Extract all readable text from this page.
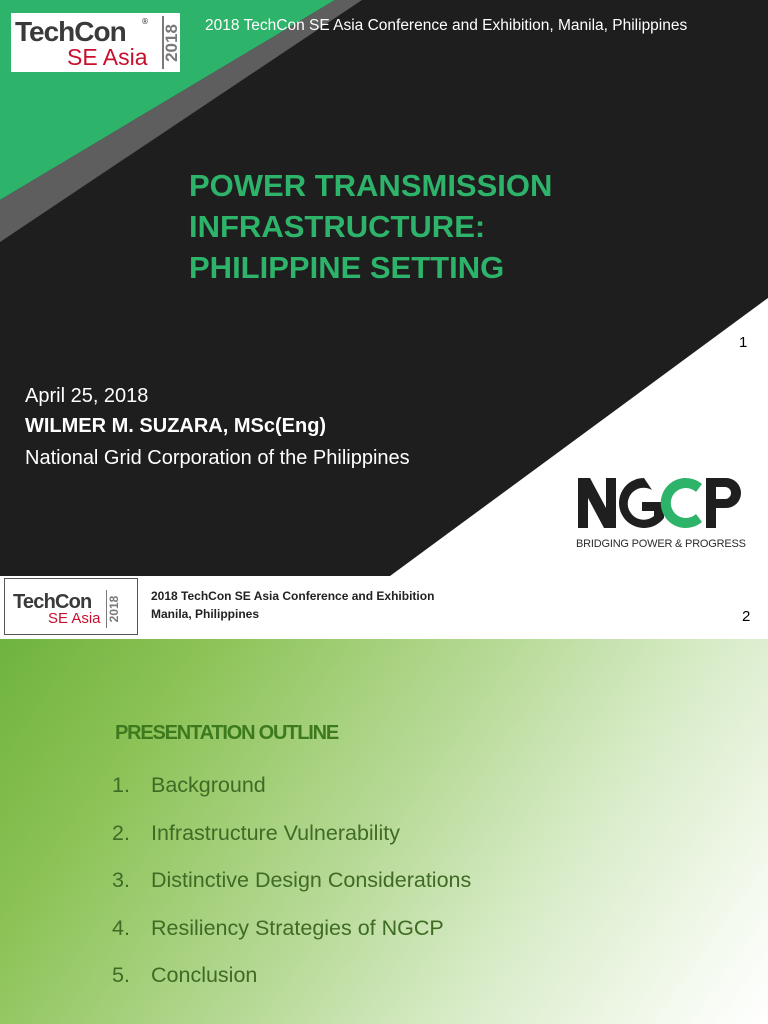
TechCon ®
SE Asia 2018 2018 TechCon SE Asia Conference and Exhibition, Manila, Philippines
POWER TRANSMISSION
INFRASTRUCTURE:
PHILIPPINE SETTING
1
April 25, 2018
WILMER M. SUZARA, MSc(Eng)
National Grid Corporation of the Philippines
BRIDGING POWER & PROGRESS
TechCon
SE Asia 2018	2018 TechCon SE Asia Conference and Exhibition
Manila, Philippines	2
PRESENTATION OUTLINE
1. Background
2. Infrastructure Vulnerability
3. Distinctive Design Considerations
4. Resiliency Strategies of NGCP
5. Conclusion
